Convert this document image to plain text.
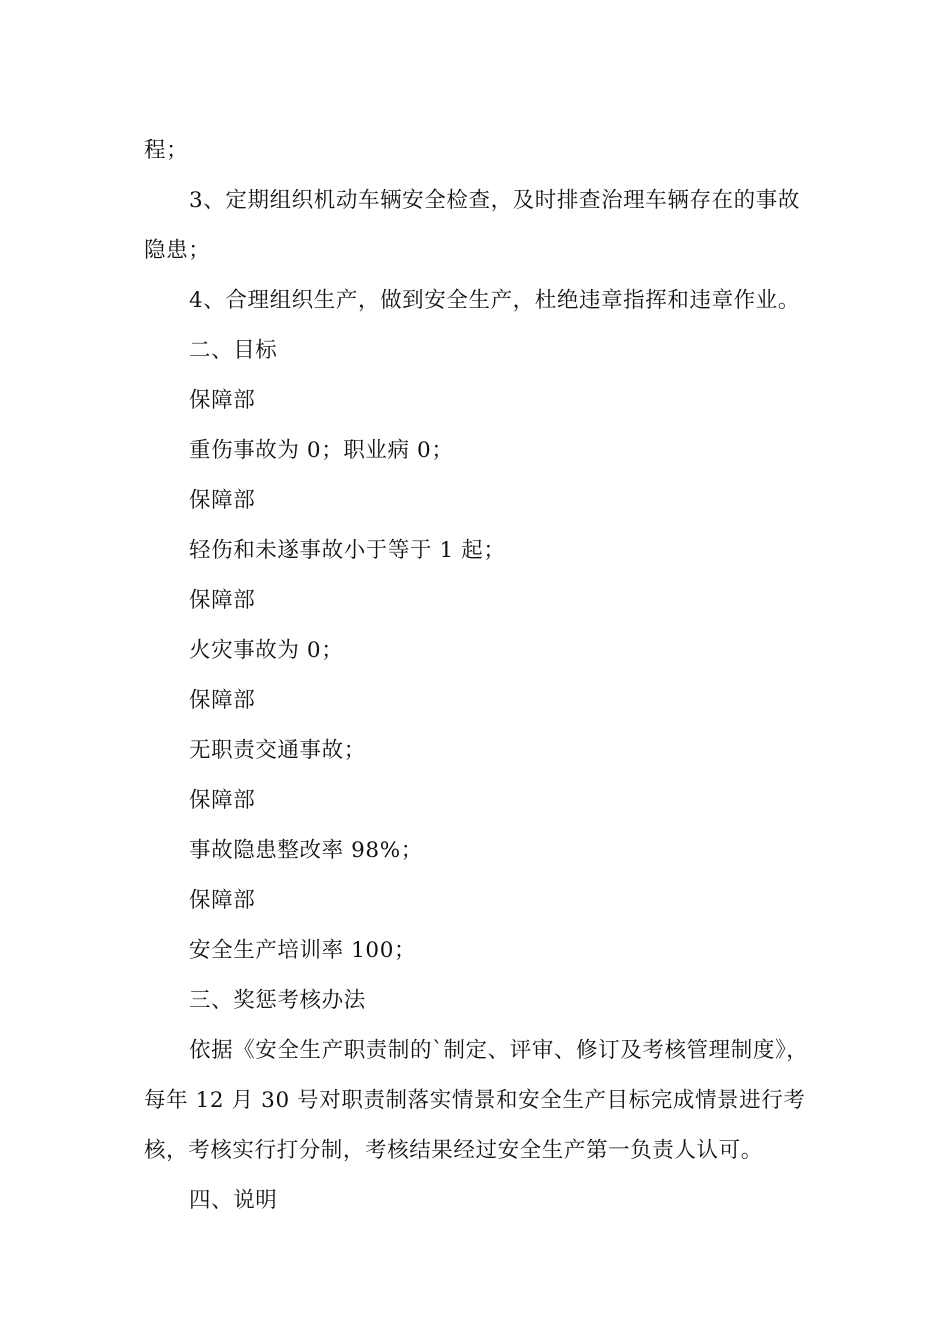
程；
3、定期组织机动车辆安全检查，及时排查治理车辆存在的事故
隐患；
4、合理组织生产，做到安全生产，杜绝违章指挥和违章作业。
二、目标
保障部
重伤事故为 0；职业病 0；
保障部
轻伤和未遂事故小于等于 1 起；
保障部
火灾事故为 0；
保障部
无职责交通事故；
保障部
事故隐患整改率 98%；
保障部
安全生产培训率 100；
三、奖惩考核办法
依据《安全生产职责制的`制定、评审、修订及考核管理制度》，
每年 12 月 30 号对职责制落实情景和安全生产目标完成情景进行考
核，考核实行打分制，考核结果经过安全生产第一负责人认可。
四、说明
